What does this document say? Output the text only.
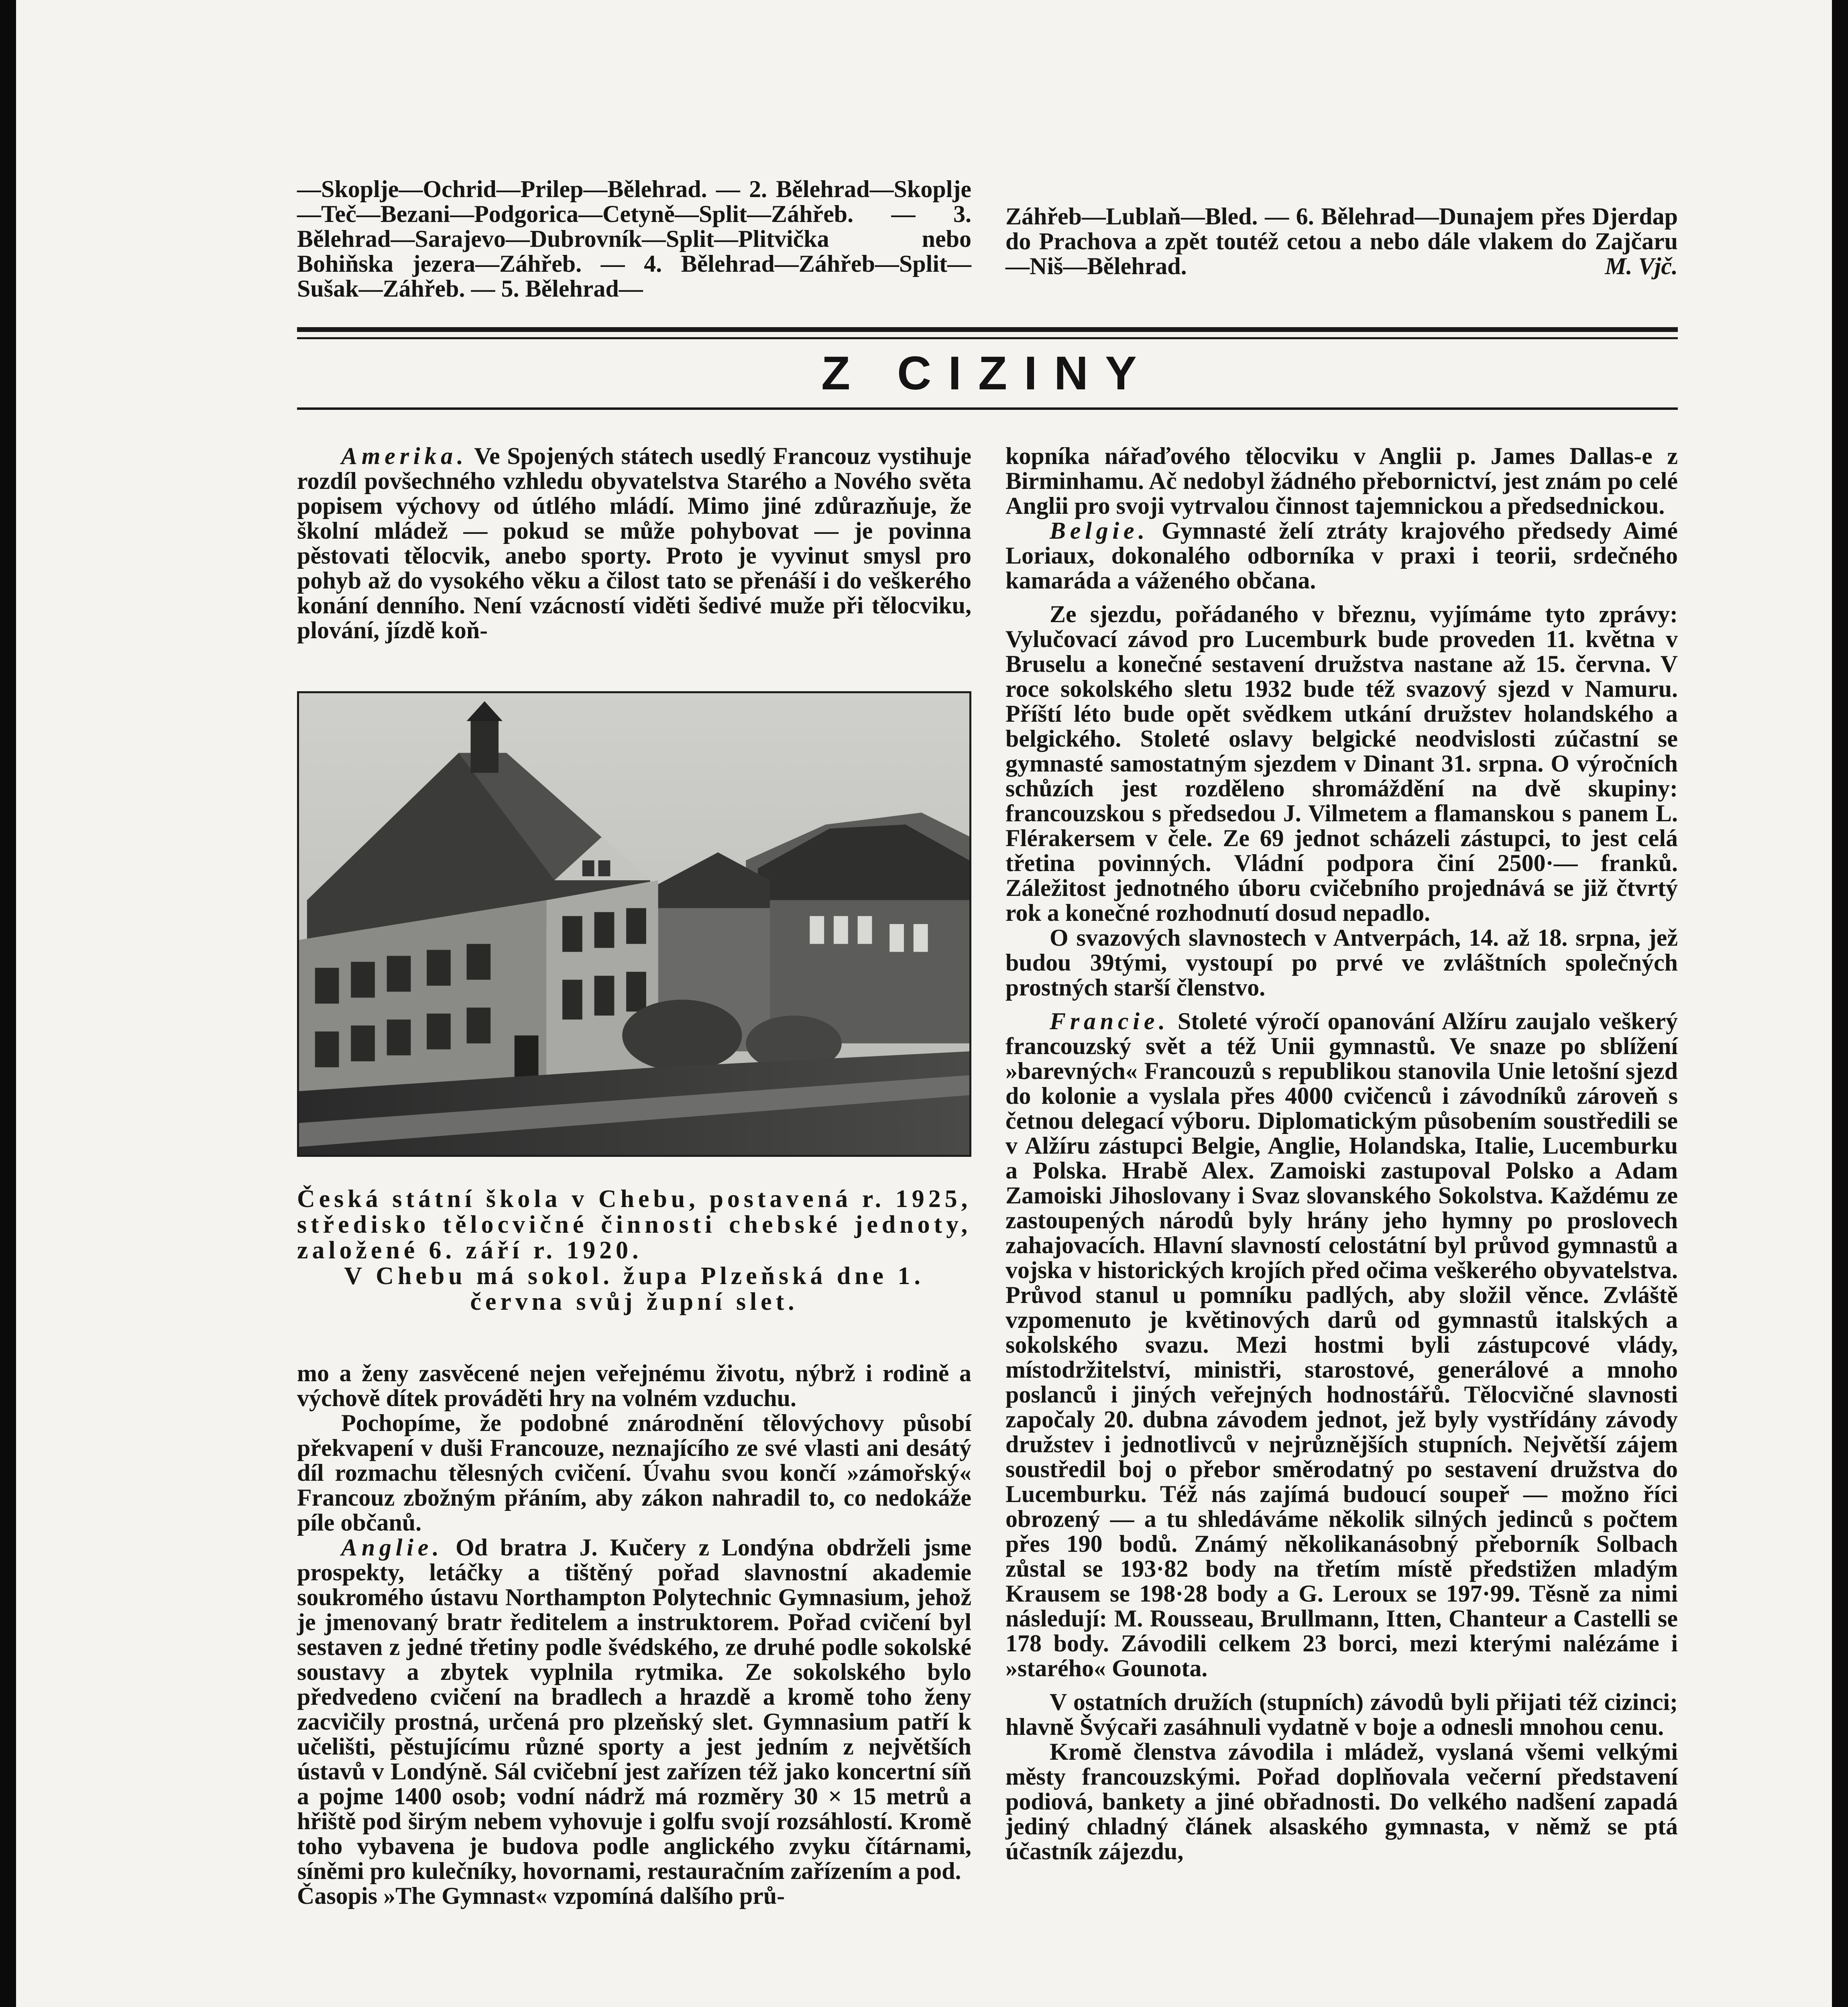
—Skoplje—Ochrid—Prilep—Bělehrad. — 2. Bělehrad—Skoplje—Teč—Bezani—Podgorica—Cetyně—Split—Záhřeb. — 3. Bělehrad—Sarajevo—Dubrovník—Split—Plitvička nebo Bohiňska jezera—Záhřeb. — 4. Bělehrad—Záhřeb—Split—Sušak—Záhřeb. — 5. Bělehrad—

Záhřeb—Lublaň—Bled. — 6. Bělehrad—Dunajem přes Djerdap do Prachova a zpět toutéž cetou a nebo dále vlakem do Zajčaru—Niš—Bělehrad.	M. Vjč.

Z CIZINY

Amerika. Ve Spojených státech usedlý Francouz vystihuje rozdíl povšechného vzhledu obyvatelstva Starého a Nového světa popisem výchovy od útlého mládí. Mimo jiné zdůrazňuje, že školní mládež — pokud se může pohybovat — je povinna pěstovati tělocvik, anebo sporty. Proto je vyvinut smysl pro pohyb až do vysokého věku a čilost tato se přenáší i do veškerého konání denního. Není vzácností viděti šedivé muže při tělocviku, plování, jízdě koň-

Česká státní škola v Chebu, postavená r. 1925, středisko tělocvičné činnosti chebské jednoty, založené 6. září r. 1920.
V Chebu má sokol. župa Plzeňská dne 1. června svůj župní slet.

mo a ženy zasvěcené nejen veřejnému životu, nýbrž i rodině a výchově dítek prováděti hry na volném vzduchu.

Pochopíme, že podobné znárodnění tělovýchovy působí překvapení v duši Francouze, neznajícího ze své vlasti ani desátý díl rozmachu tělesných cvičení. Úvahu svou končí »zámořský« Francouz zbožným přáním, aby zákon nahradil to, co nedokáže píle občanů.

Anglie. Od bratra J. Kučery z Londýna obdrželi jsme prospekty, letáčky a tištěný pořad slavnostní akademie soukromého ústavu Northampton Polytechnic Gymnasium, jehož je jmenovaný bratr ředitelem a instruktorem. Pořad cvičení byl sestaven z jedné třetiny podle švédského, ze druhé podle sokolské soustavy a zbytek vyplnila rytmika. Ze sokolského bylo předvedeno cvičení na bradlech a hrazdě a kromě toho ženy zacvičily prostná, určená pro plzeňský slet. Gymnasium patří k učelišti, pěstujícímu různé sporty a jest jedním z největších ústavů v Londýně. Sál cvičební jest zařízen též jako koncertní síň a pojme 1400 osob; vodní nádrž má rozměry 30 × 15 metrů a hřiště pod širým nebem vyhovuje i golfu svojí rozsáhlostí. Kromě toho vybavena je budova podle anglického zvyku čítárnami, síněmi pro kulečníky, hovornami, restauračním zařízením a pod.

Časopis »The Gymnast« vzpomíná dalšího prů-

kopníka nářaďového tělocviku v Anglii p. James Dallas-e z Birminhamu. Ač nedobyl žádného přebornictví, jest znám po celé Anglii pro svoji vytrvalou činnost tajemnickou a předsednickou.

Belgie. Gymnasté želí ztráty krajového předsedy Aimé Loriaux, dokonalého odborníka v praxi i teorii, srdečného kamaráda a váženého občana.

Ze sjezdu, pořádaného v březnu, vyjímáme tyto zprávy: Vylučovací závod pro Lucemburk bude proveden 11. května v Bruselu a konečné sestavení družstva nastane až 15. června. V roce sokolského sletu 1932 bude též svazový sjezd v Namuru. Příští léto bude opět svědkem utkání družstev holandského a belgického. Stoleté oslavy belgické neodvislosti zúčastní se gymnasté samostatným sjezdem v Dinant 31. srpna. O výročních schůzích jest rozděleno shromáždění na dvě skupiny: francouzskou s předsedou J. Vilmetem a flamanskou s panem L. Flérakersem v čele. Ze 69 jednot scházeli zástupci, to jest celá třetina povinných. Vládní podpora činí 2500·— franků. Záležitost jednotného úboru cvičebního projednává se již čtvrtý rok a konečné rozhodnutí dosud nepadlo.

O svazových slavnostech v Antverpách, 14. až 18. srpna, jež budou 39tými, vystoupí po prvé ve zvláštních společných prostných starší členstvo.

Francie. Stoleté výročí opanování Alžíru zaujalo veškerý francouzský svět a též Unii gymnastů. Ve snaze po sblížení »barevných« Francouzů s republikou stanovila Unie letošní sjezd do kolonie a vyslala přes 4000 cvičenců i závodníků zároveň s četnou delegací výboru. Diplomatickým působením soustředili se v Alžíru zástupci Belgie, Anglie, Holandska, Italie, Lucemburku a Polska. Hrabě Alex. Zamoiski zastupoval Polsko a Adam Zamoiski Jihoslovany i Svaz slovanského Sokolstva. Každému ze zastoupených národů byly hrány jeho hymny po proslovech zahajovacích. Hlavní slavností celostátní byl průvod gymnastů a vojska v historických krojích před očima veškerého obyvatelstva. Průvod stanul u pomníku padlých, aby složil věnce. Zvláště vzpomenuto je květinových darů od gymnastů italských a sokolského svazu. Mezi hostmi byli zástupcové vlády, místodržitelství, ministři, starostové, generálové a mnoho poslanců i jiných veřejných hodnostářů. Tělocvičné slavnosti započaly 20. dubna závodem jednot, jež byly vystřídány závody družstev i jednotlivců v nejrůznějších stupních. Největší zájem soustředil boj o přebor směrodatný po sestavení družstva do Lucemburku. Též nás zajímá budoucí soupeř — možno říci obrozený — a tu shledáváme několik silných jedinců s počtem přes 190 bodů. Známý několikanásobný přeborník Solbach zůstal se 193·82 body na třetím místě předstižen mladým Krausem se 198·28 body a G. Leroux se 197·99. Těsně za nimi následují: M. Rousseau, Brullmann, Itten, Chanteur a Castelli se 178 body. Závodili celkem 23 borci, mezi kterými nalézáme i »starého« Gounota.

V ostatních družích (stupních) závodů byli přijati též cizinci; hlavně Švýcaři zasáhnuli vydatně v boje a odnesli mnohou cenu.

Kromě členstva závodila i mládež, vyslaná všemi velkými městy francouzskými. Pořad doplňovala večerní představení podiová, bankety a jiné obřadnosti. Do velkého nadšení zapadá jediný chladný článek alsaského gymnasta, v němž se ptá účastník zájezdu,
